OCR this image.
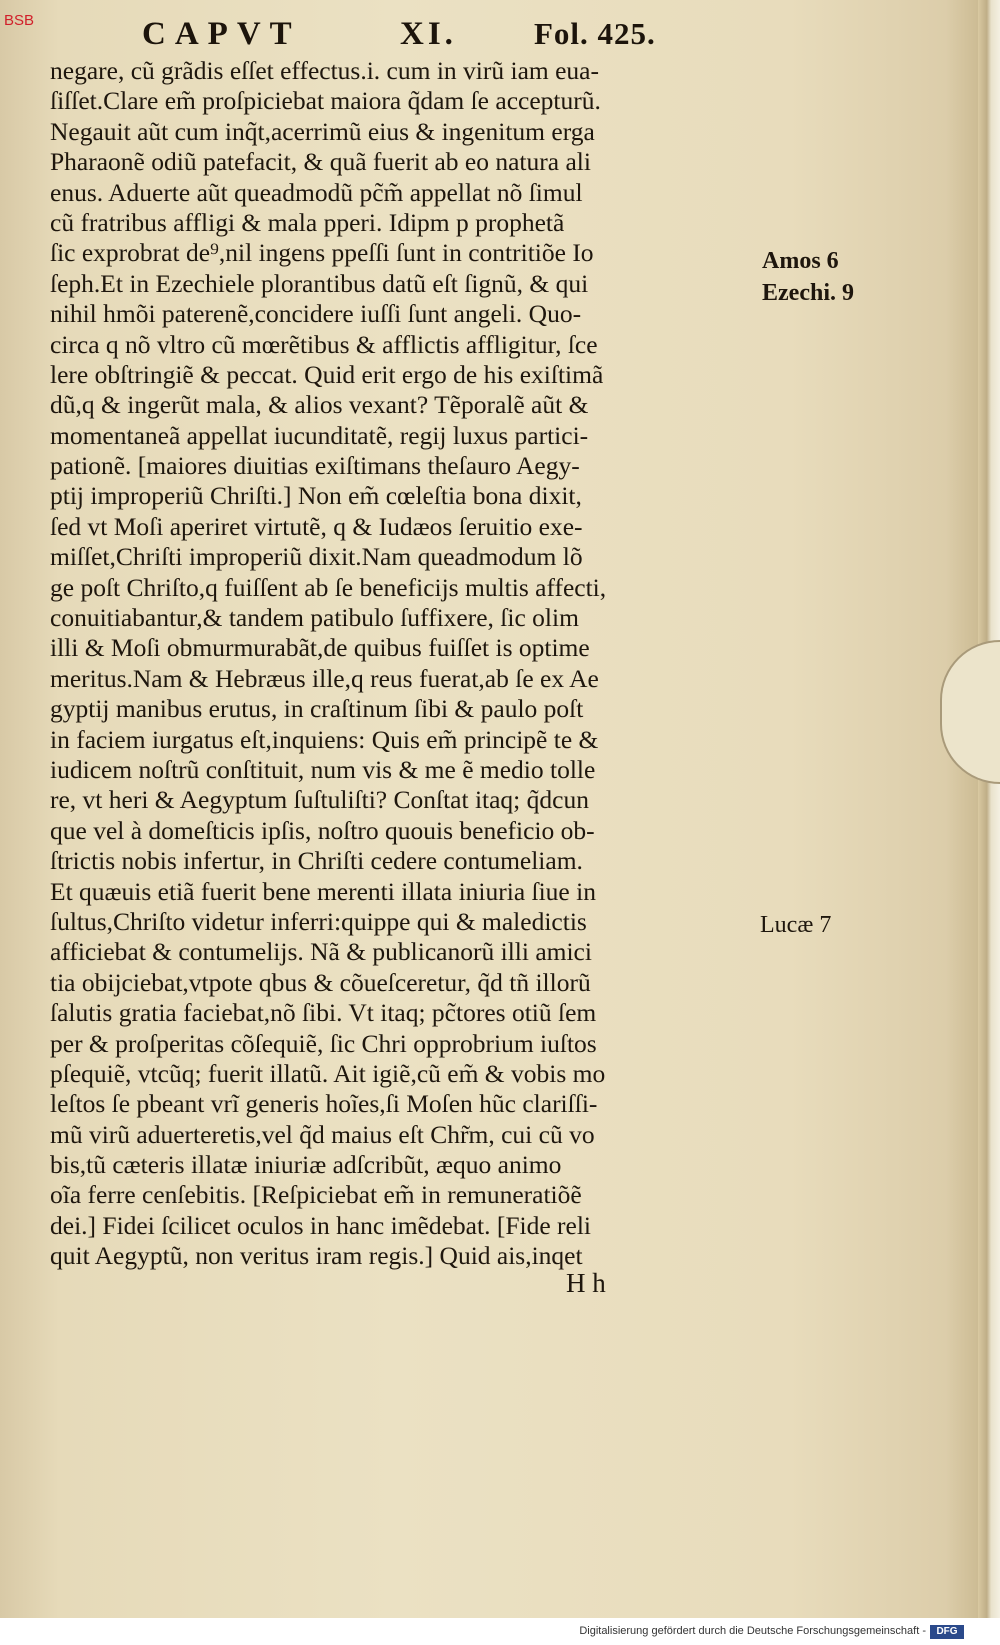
BSB	CAPVT	XI. Fol. 425.
negare, cũ grãdis eſſet effectus.i. cum in virũ iam eua-
ſiſſet.Clare em̃ proſpiciebat maiora q̃dam ſe accepturũ.
Negauit aũt cum inq̃t,acerrimũ eius & ingenitum erga
Pharaonẽ odiũ patefacit, & quã fuerit ab eo natura ali
enus. Aduerte aũt queadmodũ pc̃m̃ appellat nõ ſimul
cũ fratribus affligi & mala pperi. Idipm p prophetã
ſic exprobrat de⁹,nil ingens ppeſſi ſunt in contritiõe Io
ſeph.Et in Ezechiele plorantibus datũ eſt ſignũ, & qui
nihil hmõi paterenẽ,concidere iuſſi ſunt angeli. Quo-
circa q nõ vltro cũ mœrẽtibus & afflictis affligitur, ſce
lere obſtringiẽ & peccat. Quid erit ergo de his exiſtimã
dũ,q & ingerũt mala, & alios vexant? Tẽporalẽ aũt &
momentaneã appellat iucunditatẽ, regij luxus partici-
pationẽ. [maiores diuitias exiſtimans theſauro Aegy-
ptij improperiũ Chriſti.] Non em̃ cœleſtia bona dixit,
ſed vt Moſi aperiret virtutẽ, q & Iudæos ſeruitio exe-
miſſet,Chriſti improperiũ dixit.Nam queadmodum lõ
ge poſt Chriſto,q fuiſſent ab ſe beneficijs multis affecti,
conuitiabantur,& tandem patibulo ſuffixere, ſic olim
illi & Moſi obmurmurabãt,de quibus fuiſſet is optime
meritus.Nam & Hebræus ille,q reus fuerat,ab ſe ex Ae
gyptij manibus erutus, in craſtinum ſibi & paulo poſt
in faciem iurgatus eſt,inquiens: Quis em̃ principẽ te &
iudicem noſtrũ conſtituit, num vis & me ẽ medio tolle
re, vt heri & Aegyptum ſuſtuliſti? Conſtat itaq; q̃dcun
que vel à domeſticis ipſis, noſtro quouis beneficio ob-
ſtrictis nobis infertur, in Chriſti cedere contumeliam.
Et quæuis etiã fuerit bene merenti illata iniuria ſiue in
ſultus,Chriſto videtur inferri:quippe qui & maledictis
afficiebat & contumelijs. Nã & publicanorũ illi amici
tia obijciebat,vtpote qbus & cõueſceretur, q̃d tñ illorũ
ſalutis gratia faciebat,nõ ſibi. Vt itaq; pc̃tores otiũ ſem
per & proſperitas cõſequiẽ, ſic Chri opprobrium iuſtos
pſequiẽ, vtcũq; fuerit illatũ. Ait igiẽ,cũ em̃ & vobis mo
leſtos ſe pbeant vrĩ generis hoĩes,ſi Moſen hũc clariſſi-
mũ virũ aduerteretis,vel q̃d maius eſt Chr̃m, cui cũ vo
bis,tũ cæteris illatæ iniuriæ adſcribũt, æquo animo
oĩa ferre cenſebitis. [Reſpiciebat em̃ in remuneratiõẽ
dei.] Fidei ſcilicet oculos in hanc imẽdebat. [Fide reli
quit Aegyptũ, non veritus iram regis.] Quid ais,inqet
Amos 6
Ezechi. 9
Lucæ 7
H h
Digitalisierung gefördert durch die Deutsche Forschungsgemeinschaft -	DFG
